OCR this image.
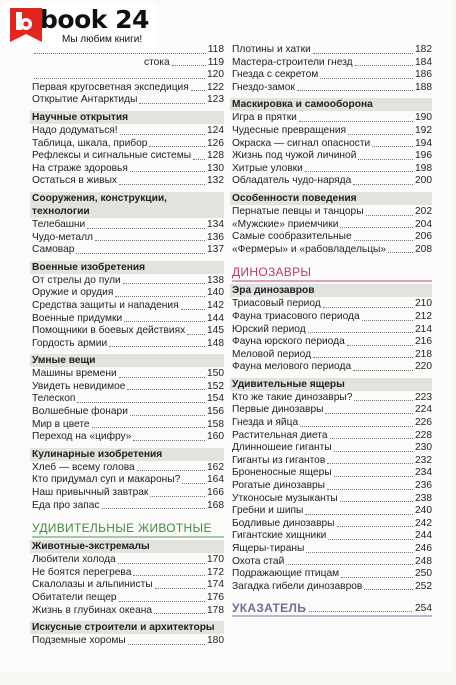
118
стока	119
120
Первая кругосветная экспедиция 122
Открытие Антарктиды	123
Научные открытия
Надо додуматься!	124
Таблица, шкала, прибор	126
Рефлексы и сигнальные системы 128
На страже здоровья	130
Остаться в живых	132
Сооружения, конструкции, технологии
Телебашни	134
Чудо-металл	136
Самовар	137
Военные изобретения
От стрелы до пули	138
Оружие и орудия	140
Средства защиты и нападения	142
Военные придумки	144
Помощники в боевых действиях 145
Гордость армии	148
Умные вещи
Машины времени	150
Увидеть невидимое	152
Телескоп	154
Волшебные фонари	156
Мир в цвете	158
Переход на «цифру»	160
Кулинарные изобретения
Хлеб — всему голова	162
Кто придумал суп и макароны?	164
Наш привычный завтрак	166
Еда про запас	168
УДИВИТЕЛЬНЫЕ ЖИВОТНЫЕ
Животные-экстремалы
Любители холода	170
Не боятся перегрева	172
Скалолазы и альпинисты	174
Обитатели пещер	176
Жизнь в глубинах океана	178
Искусные строители и архитекторы
Подземные хоромы	180
Плотины и хатки	182
Мастера-строители гнезд	184
Гнезда с секретом	186
Гнездо-замок	188
Маскировка и самооборона
Игра в прятки	190
Чудесные превращения	192
Окраска — сигнал опасности	194
Жизнь под чужой личиной	196
Хитрые уловки	198
Обладатель чудо-наряда	200
Особенности поведения
Пернатые певцы и танцоры	202
«Мужские» приемчики	204
Самые сообразительные	206
«Фермеры» и «рабовладельцы»	208
ДИНОЗАВРЫ
Эра динозавров
Триасовый период	210
Фауна триасового периода	212
Юрский период	214
Фауна юрского периода	216
Меловой период	218
Фауна мелового периода	220
Удивительные ящеры
Кто же такие динозавры?	223
Первые динозавры	224
Гнезда и яйца	226
Растительная диета	228
Длинношеие гиганты	230
Гиганты из гигантов	232
Броненосные ящеры	234
Рогатые динозавры	236
Утконосые музыканты	238
Гребни и шипы	240
Бодливые динозавры	242
Гигантские хищники	244
Ящеры-тираны	246
Охота стай	248
Подражающие птицам	250
Загадка гибели динозавров	252
УКАЗАТЕЛЬ	254
book 24
Мы любим книги!
